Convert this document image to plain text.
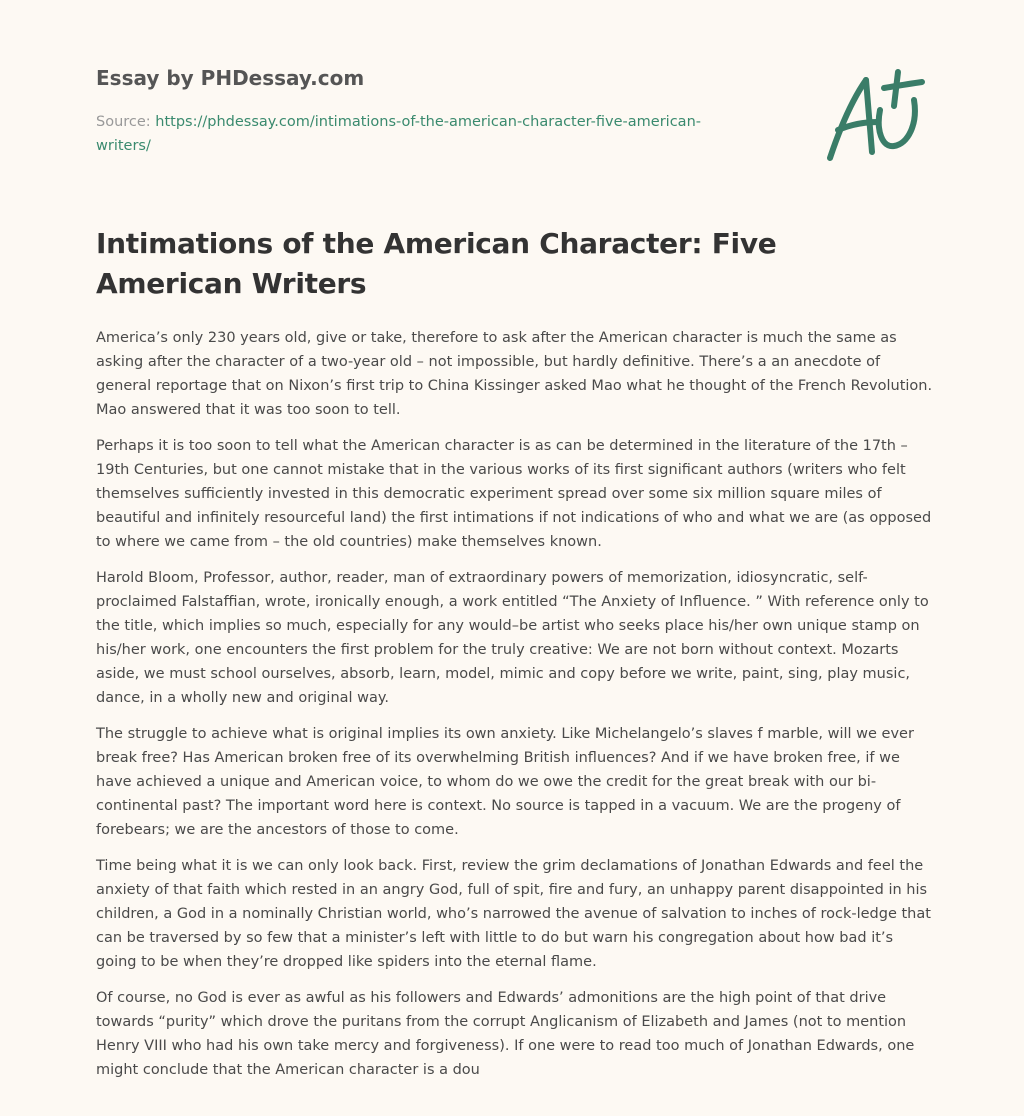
Essay by PHDessay.com
Source: https://phdessay.com/intimations-of-the-american-character-five-american-writers/
Intimations of the American Character: Five American Writers

America’s only 230 years old, give or take, therefore to ask after the American character is much the same as asking after the character of a two-year old – not impossible, but hardly definitive. There’s a an anecdote of general reportage that on Nixon’s first trip to China Kissinger asked Mao what he thought of the French Revolution. Mao answered that it was too soon to tell.

Perhaps it is too soon to tell what the American character is as can be determined in the literature of the 17th – 19th Centuries, but one cannot mistake that in the various works of its first significant authors (writers who felt themselves sufficiently invested in this democratic experiment spread over some six million square miles of beautiful and infinitely resourceful land) the first intimations if not indications of who and what we are (as opposed to where we came from – the old countries) make themselves known.

Harold Bloom, Professor, author, reader, man of extraordinary powers of memorization, idiosyncratic, self-proclaimed Falstaffian, wrote, ironically enough, a work entitled “The Anxiety of Influence. ” With reference only to the title, which implies so much, especially for any would–be artist who seeks place his/her own unique stamp on his/her work, one encounters the first problem for the truly creative: We are not born without context. Mozarts aside, we must school ourselves, absorb, learn, model, mimic and copy before we write, paint, sing, play music, dance, in a wholly new and original way.

The struggle to achieve what is original implies its own anxiety. Like Michelangelo’s slaves f marble, will we ever break free? Has American broken free of its overwhelming British influences? And if we have broken free, if we have achieved a unique and American voice, to whom do we owe the credit for the great break with our bi-continental past? The important word here is context. No source is tapped in a vacuum. We are the progeny of forebears; we are the ancestors of those to come.

Time being what it is we can only look back. First, review the grim declamations of Jonathan Edwards and feel the anxiety of that faith which rested in an angry God, full of spit, fire and fury, an unhappy parent disappointed in his children, a God in a nominally Christian world, who’s narrowed the avenue of salvation to inches of rock-ledge that can be traversed by so few that a minister’s left with little to do but warn his congregation about how bad it’s going to be when they’re dropped like spiders into the eternal flame.

Of course, no God is ever as awful as his followers and Edwards’ admonitions are the high point of that drive towards “purity” which drove the puritans from the corrupt Anglicanism of Elizabeth and James (not to mention Henry VIII who had his own take mercy and forgiveness). If one were to read too much of Jonathan Edwards, one might conclude that the American character is a dou
